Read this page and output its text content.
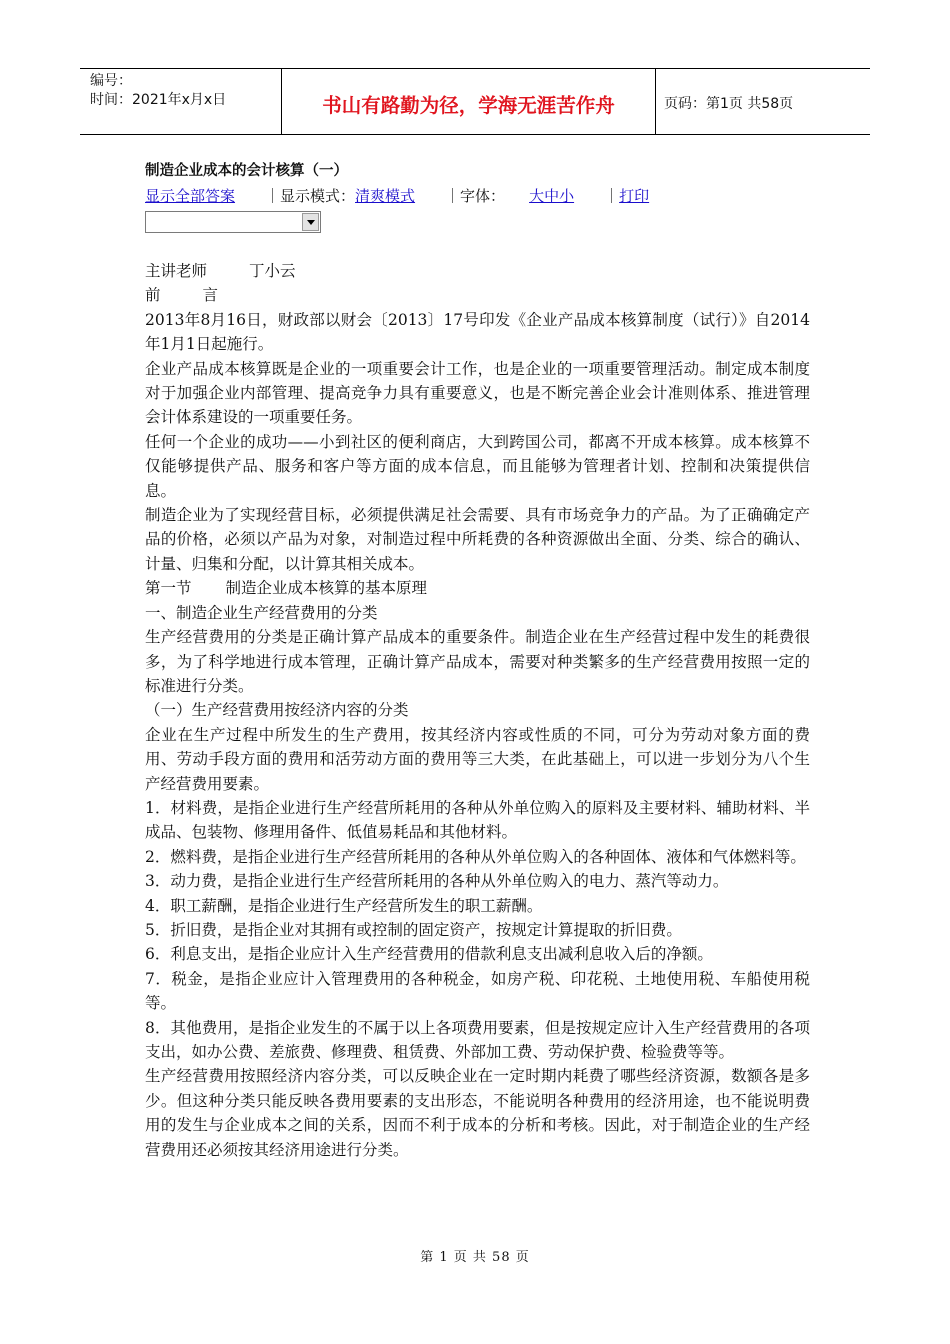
编号：
时间：2021年x月x日	书山有路勤为径，学海无涯苦作舟	页码：第1页 共58页
制造企业成本的会计核算（一）
显示全部答案 ｜显示模式：清爽模式 ｜字体： 大中小 ｜打印

主讲老师	丁小云

前	言

2013年8月16日，财政部以财会〔2013〕17号印发《企业产品成本核算制度（试行）》自2014年1月1日起施行。

企业产品成本核算既是企业的一项重要会计工作，也是企业的一项重要管理活动。制定成本制度对于加强企业内部管理、提高竞争力具有重要意义，也是不断完善企业会计准则体系、推进管理会计体系建设的一项重要任务。

任何一个企业的成功——小到社区的便利商店，大到跨国公司，都离不开成本核算。成本核算不仅能够提供产品、服务和客户等方面的成本信息，而且能够为管理者计划、控制和决策提供信息。

制造企业为了实现经营目标，必须提供满足社会需要、具有市场竞争力的产品。为了正确确定产品的价格，必须以产品为对象，对制造过程中所耗费的各种资源做出全面、分类、综合的确认、计量、归集和分配，以计算其相关成本。

第一节 制造企业成本核算的基本原理

一、制造企业生产经营费用的分类

生产经营费用的分类是正确计算产品成本的重要条件。制造企业在生产经营过程中发生的耗费很多，为了科学地进行成本管理，正确计算产品成本，需要对种类繁多的生产经营费用按照一定的标准进行分类。

（一）生产经营费用按经济内容的分类

企业在生产过程中所发生的生产费用，按其经济内容或性质的不同，可分为劳动对象方面的费用、劳动手段方面的费用和活劳动方面的费用等三大类，在此基础上，可以进一步划分为八个生产经营费用要素。

1．材料费，是指企业进行生产经营所耗用的各种从外单位购入的原料及主要材料、辅助材料、半成品、包装物、修理用备件、低值易耗品和其他材料。

2．燃料费，是指企业进行生产经营所耗用的各种从外单位购入的各种固体、液体和气体燃料等。

3．动力费，是指企业进行生产经营所耗用的各种从外单位购入的电力、蒸汽等动力。

4．职工薪酬，是指企业进行生产经营所发生的职工薪酬。

5．折旧费，是指企业对其拥有或控制的固定资产，按规定计算提取的折旧费。

6．利息支出，是指企业应计入生产经营费用的借款利息支出减利息收入后的净额。

7．税金，是指企业应计入管理费用的各种税金，如房产税、印花税、土地使用税、车船使用税等。

8．其他费用，是指企业发生的不属于以上各项费用要素，但是按规定应计入生产经营费用的各项支出，如办公费、差旅费、修理费、租赁费、外部加工费、劳动保护费、检验费等等。

生产经营费用按照经济内容分类，可以反映企业在一定时期内耗费了哪些经济资源，数额各是多少。但这种分类只能反映各费用要素的支出形态，不能说明各种费用的经济用途，也不能说明费用的发生与企业成本之间的关系，因而不利于成本的分析和考核。因此，对于制造企业的生产经营费用还必须按其经济用途进行分类。

第 1 页 共 58 页
